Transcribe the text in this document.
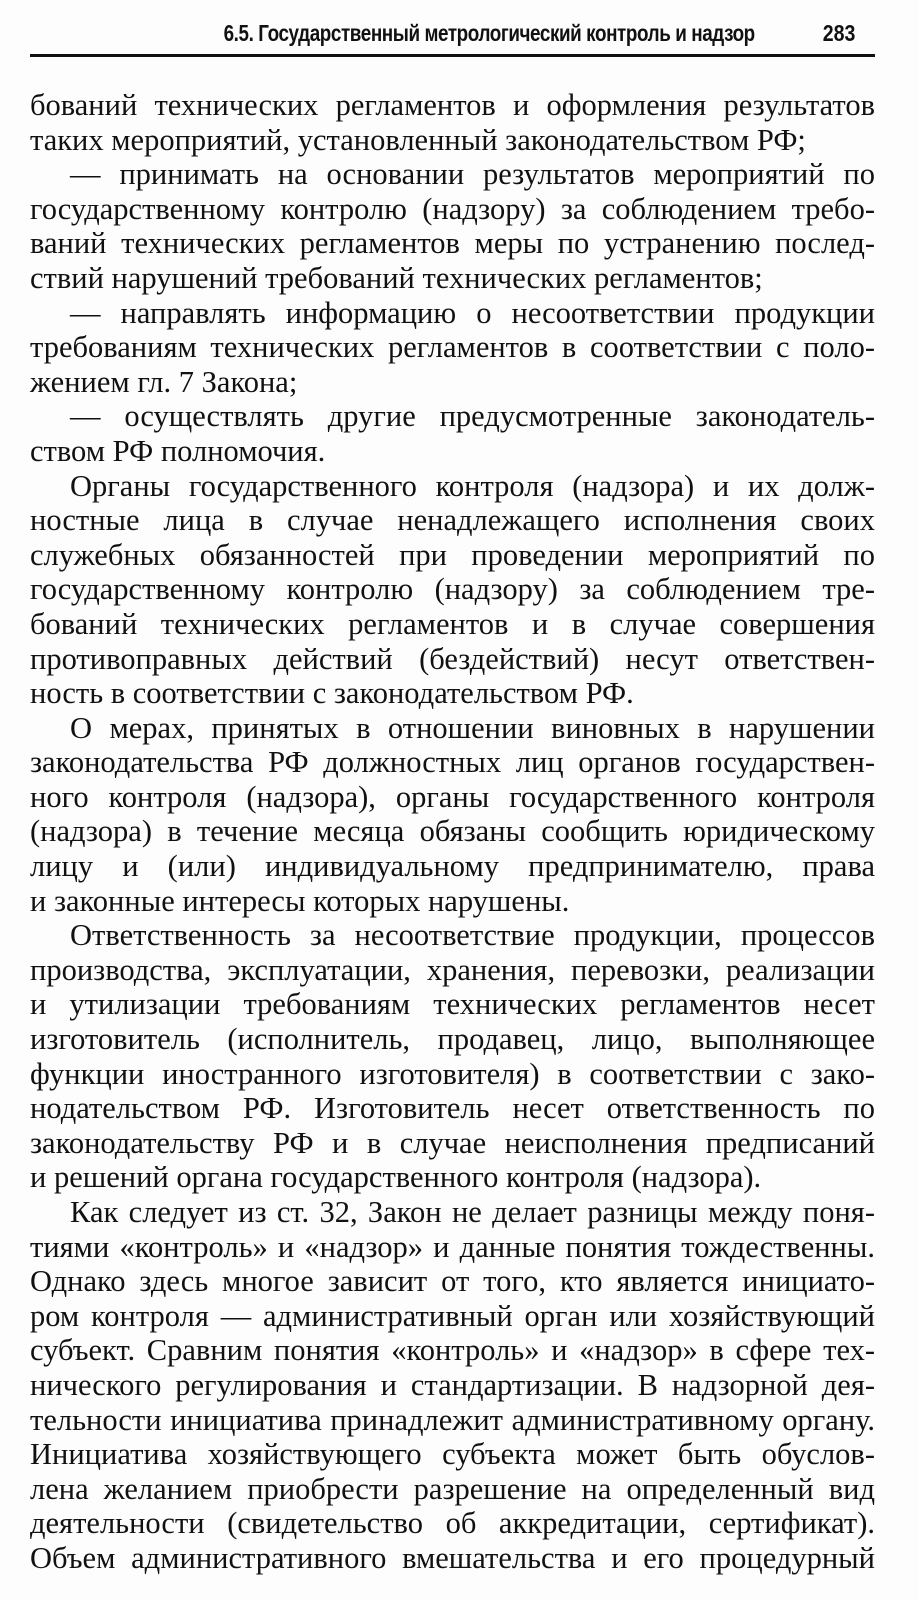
6.5. Государственный метрологический контроль и надзор	283
бований технических регламентов и оформления результатов
таких мероприятий, установленный законодательством РФ;
— принимать на основании результатов мероприятий по
государственному контролю (надзору) за соблюдением требо-
ваний технических регламентов меры по устранению послед-
ствий нарушений требований технических регламентов;
— направлять информацию о несоответствии продукции
требованиям технических регламентов в соответствии с поло-
жением гл. 7 Закона;
— осуществлять другие предусмотренные законодатель-
ством РФ полномочия.
Органы государственного контроля (надзора) и их долж-
ностные лица в случае ненадлежащего исполнения своих
служебных обязанностей при проведении мероприятий по
государственному контролю (надзору) за соблюдением тре-
бований технических регламентов и в случае совершения
противоправных действий (бездействий) несут ответствен-
ность в соответствии с законодательством РФ.
О мерах, принятых в отношении виновных в нарушении
законодательства РФ должностных лиц органов государствен-
ного контроля (надзора), органы государственного контроля
(надзора) в течение месяца обязаны сообщить юридическому
лицу и (или) индивидуальному предпринимателю, права
и законные интересы которых нарушены.
Ответственность за несоответствие продукции, процессов
производства, эксплуатации, хранения, перевозки, реализации
и утилизации требованиям технических регламентов несет
изготовитель (исполнитель, продавец, лицо, выполняющее
функции иностранного изготовителя) в соответствии с зако-
нодательством РФ. Изготовитель несет ответственность по
законодательству РФ и в случае неисполнения предписаний
и решений органа государственного контроля (надзора).
Как следует из ст. 32, Закон не делает разницы между поня-
тиями «контроль» и «надзор» и данные понятия тождественны.
Однако здесь многое зависит от того, кто является инициато-
ром контроля — административный орган или хозяйствующий
субъект. Сравним понятия «контроль» и «надзор» в сфере тех-
нического регулирования и стандартизации. В надзорной дея-
тельности инициатива принадлежит административному органу.
Инициатива хозяйствующего субъекта может быть обуслов-
лена желанием приобрести разрешение на определенный вид
деятельности (свидетельство об аккредитации, сертификат).
Объем административного вмешательства и его процедурный
